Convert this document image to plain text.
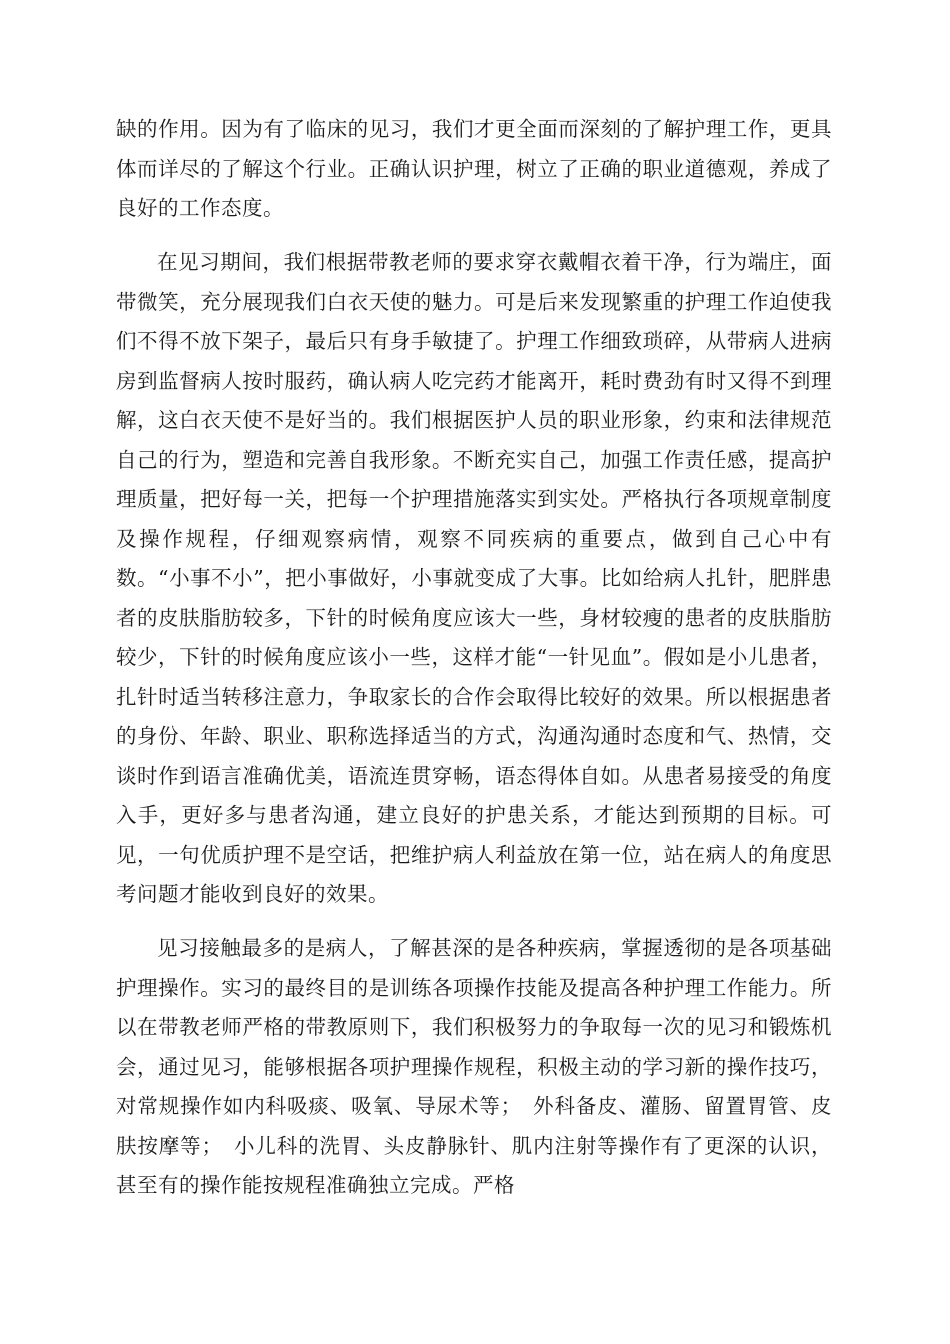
缺的作用。因为有了临床的见习，我们才更全面而深刻的了解护理工作，更具体而详尽的了解这个行业。正确认识护理，树立了正确的职业道德观，养成了良好的工作态度。

在见习期间，我们根据带教老师的要求穿衣戴帽衣着干净，行为端庄，面带微笑，充分展现我们白衣天使的魅力。可是后来发现繁重的护理工作迫使我们不得不放下架子，最后只有身手敏捷了。护理工作细致琐碎，从带病人进病房到监督病人按时服药，确认病人吃完药才能离开，耗时费劲有时又得不到理解，这白衣天使不是好当的。我们根据医护人员的职业形象，约束和法律规范自己的行为，塑造和完善自我形象。不断充实自己，加强工作责任感，提高护理质量，把好每一关，把每一个护理措施落实到实处。严格执行各项规章制度及操作规程，仔细观察病情，观察不同疾病的重要点，做到自己心中有数。“小事不小”，把小事做好，小事就变成了大事。比如给病人扎针，肥胖患者的皮肤脂肪较多，下针的时候角度应该大一些，身材较瘦的患者的皮肤脂肪较少，下针的时候角度应该小一些，这样才能“一针见血”。假如是小儿患者，扎针时适当转移注意力，争取家长的合作会取得比较好的效果。所以根据患者的身份、年龄、职业、职称选择适当的方式，沟通沟通时态度和气、热情，交谈时作到语言准确优美，语流连贯穿畅，语态得体自如。从患者易接受的角度入手，更好多与患者沟通，建立良好的护患关系，才能达到预期的目标。可见，一句优质护理不是空话，把维护病人利益放在第一位，站在病人的角度思考问题才能收到良好的效果。

见习接触最多的是病人，了解甚深的是各种疾病，掌握透彻的是各项基础护理操作。实习的最终目的是训练各项操作技能及提高各种护理工作能力。所以在带教老师严格的带教原则下，我们积极努力的争取每一次的见习和锻炼机会，通过见习，能够根据各项护理操作规程，积极主动的学习新的操作技巧，对常规操作如内科吸痰、吸氧、导尿术等；　外科备皮、灌肠、留置胃管、皮肤按摩等；　小儿科的洗胃、头皮静脉针、肌内注射等操作有了更深的认识，甚至有的操作能按规程准确独立完成。严格
